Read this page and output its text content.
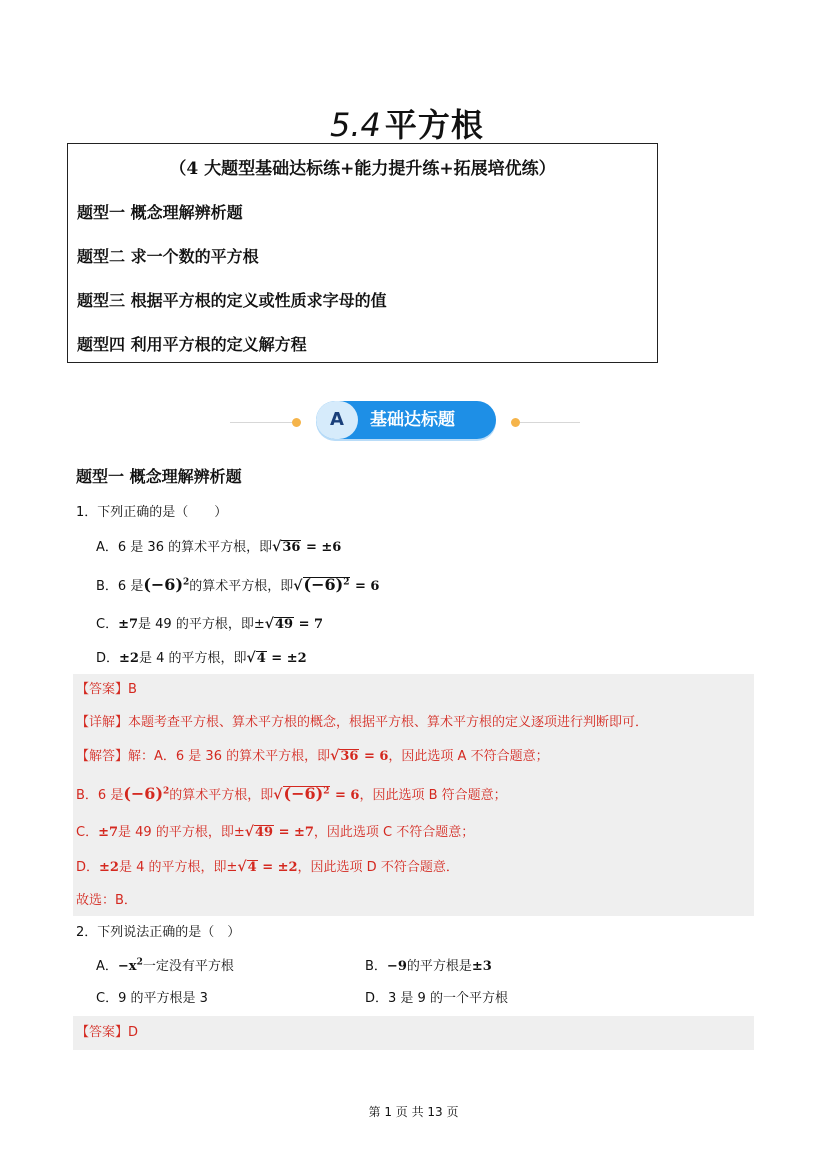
5.4 平方根
（4 大题型基础达标练+能力提升练+拓展培优练）
题型一 概念理解辨析题
题型二 求一个数的平方根
题型三 根据平方根的定义或性质求字母的值
题型四 利用平方根的定义解方程
A	基础达标题
题型一 概念理解辨析题
1．下列正确的是（　　）
A．6 是 36 的算术平方根，即√36 = ±6
B．6 是$(-6)^2$的算术平方根，即$√(-6)^2 = 6$
C．±7是 49 的平方根，即±√49 = 7
D．±2是 4 的平方根，即√4 = ±2
【答案】B
【详解】本题考查平方根、算术平方根的概念，根据平方根、算术平方根的定义逐项进行判断即可．
【解答】解：A．6 是 36 的算术平方根，即√36 = 6，因此选项 A 不符合题意；
B．6 是$(-6)^2$的算术平方根，即$√(-6)^2 = 6$，因此选项 B 符合题意；
C．±7是 49 的平方根，即±√49 = ±7，因此选项 C 不符合题意；
D．±2是 4 的平方根，即±√4 = ±2，因此选项 D 不符合题意．
故选：B．
2．下列说法正确的是（　）
A．$-x^2$一定没有平方根	B．−9的平方根是±3
C．9 的平方根是 3	D．3 是 9 的一个平方根
【答案】D
第 1 页 共 13 页
